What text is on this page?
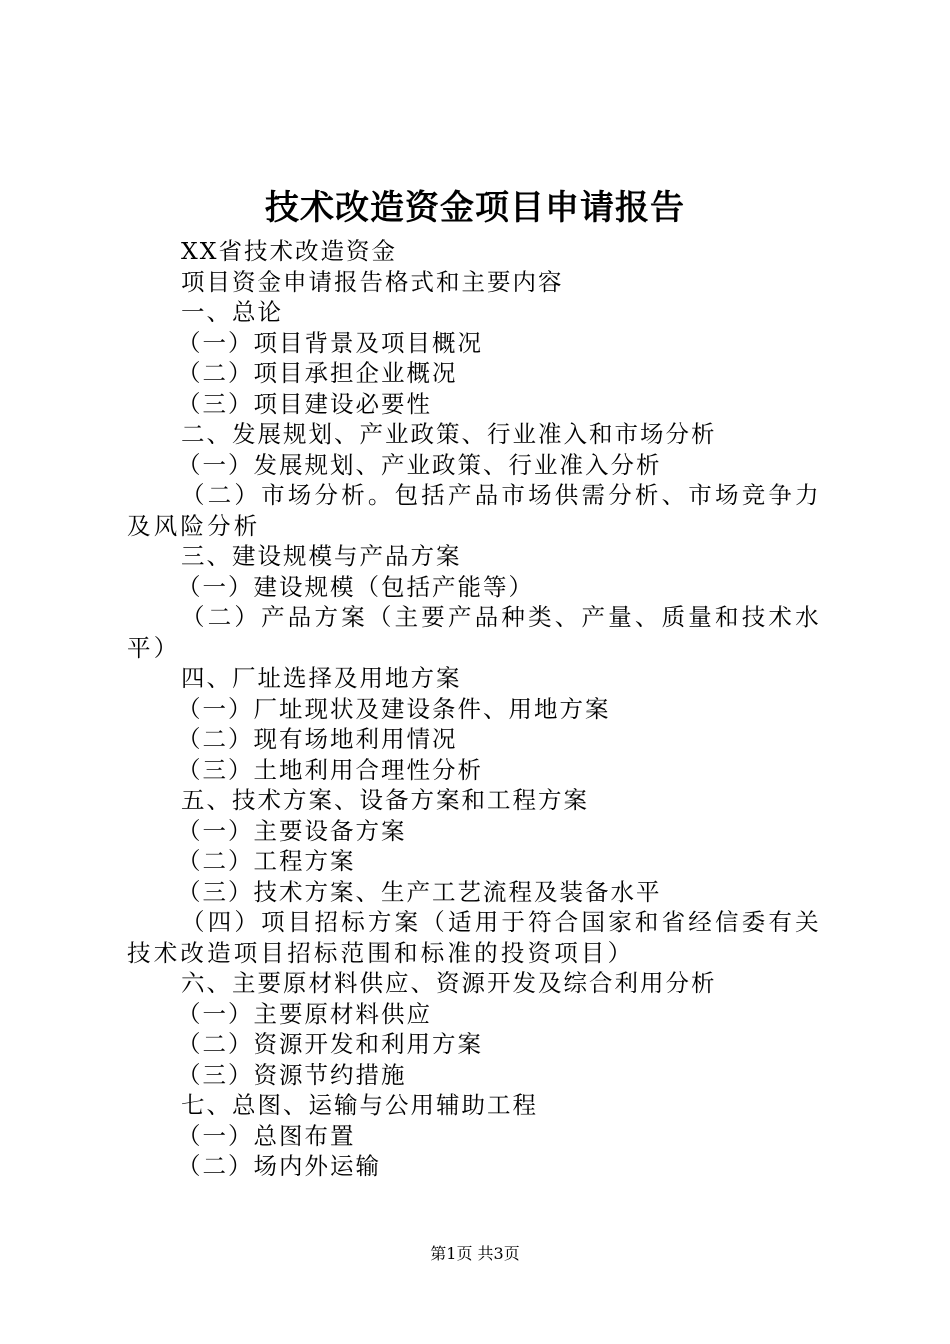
技术改造资金项目申请报告
XX省技术改造资金
项目资金申请报告格式和主要内容
一、总论
（一）项目背景及项目概况
（二）项目承担企业概况
（三）项目建设必要性
二、发展规划、产业政策、行业准入和市场分析
（一）发展规划、产业政策、行业准入分析
（二）市场分析。包括产品市场供需分析、市场竞争力及风险分析
三、建设规模与产品方案
（一）建设规模（包括产能等）
（二）产品方案（主要产品种类、产量、质量和技术水平）
四、厂址选择及用地方案
（一）厂址现状及建设条件、用地方案
（二）现有场地利用情况
（三）土地利用合理性分析
五、技术方案、设备方案和工程方案
（一）主要设备方案
（二）工程方案
（三）技术方案、生产工艺流程及装备水平
（四）项目招标方案（适用于符合国家和省经信委有关技术改造项目招标范围和标准的投资项目）
六、主要原材料供应、资源开发及综合利用分析
（一）主要原材料供应
（二）资源开发和利用方案
（三）资源节约措施
七、总图、运输与公用辅助工程
（一）总图布置
（二）场内外运输
第1页 共3页
